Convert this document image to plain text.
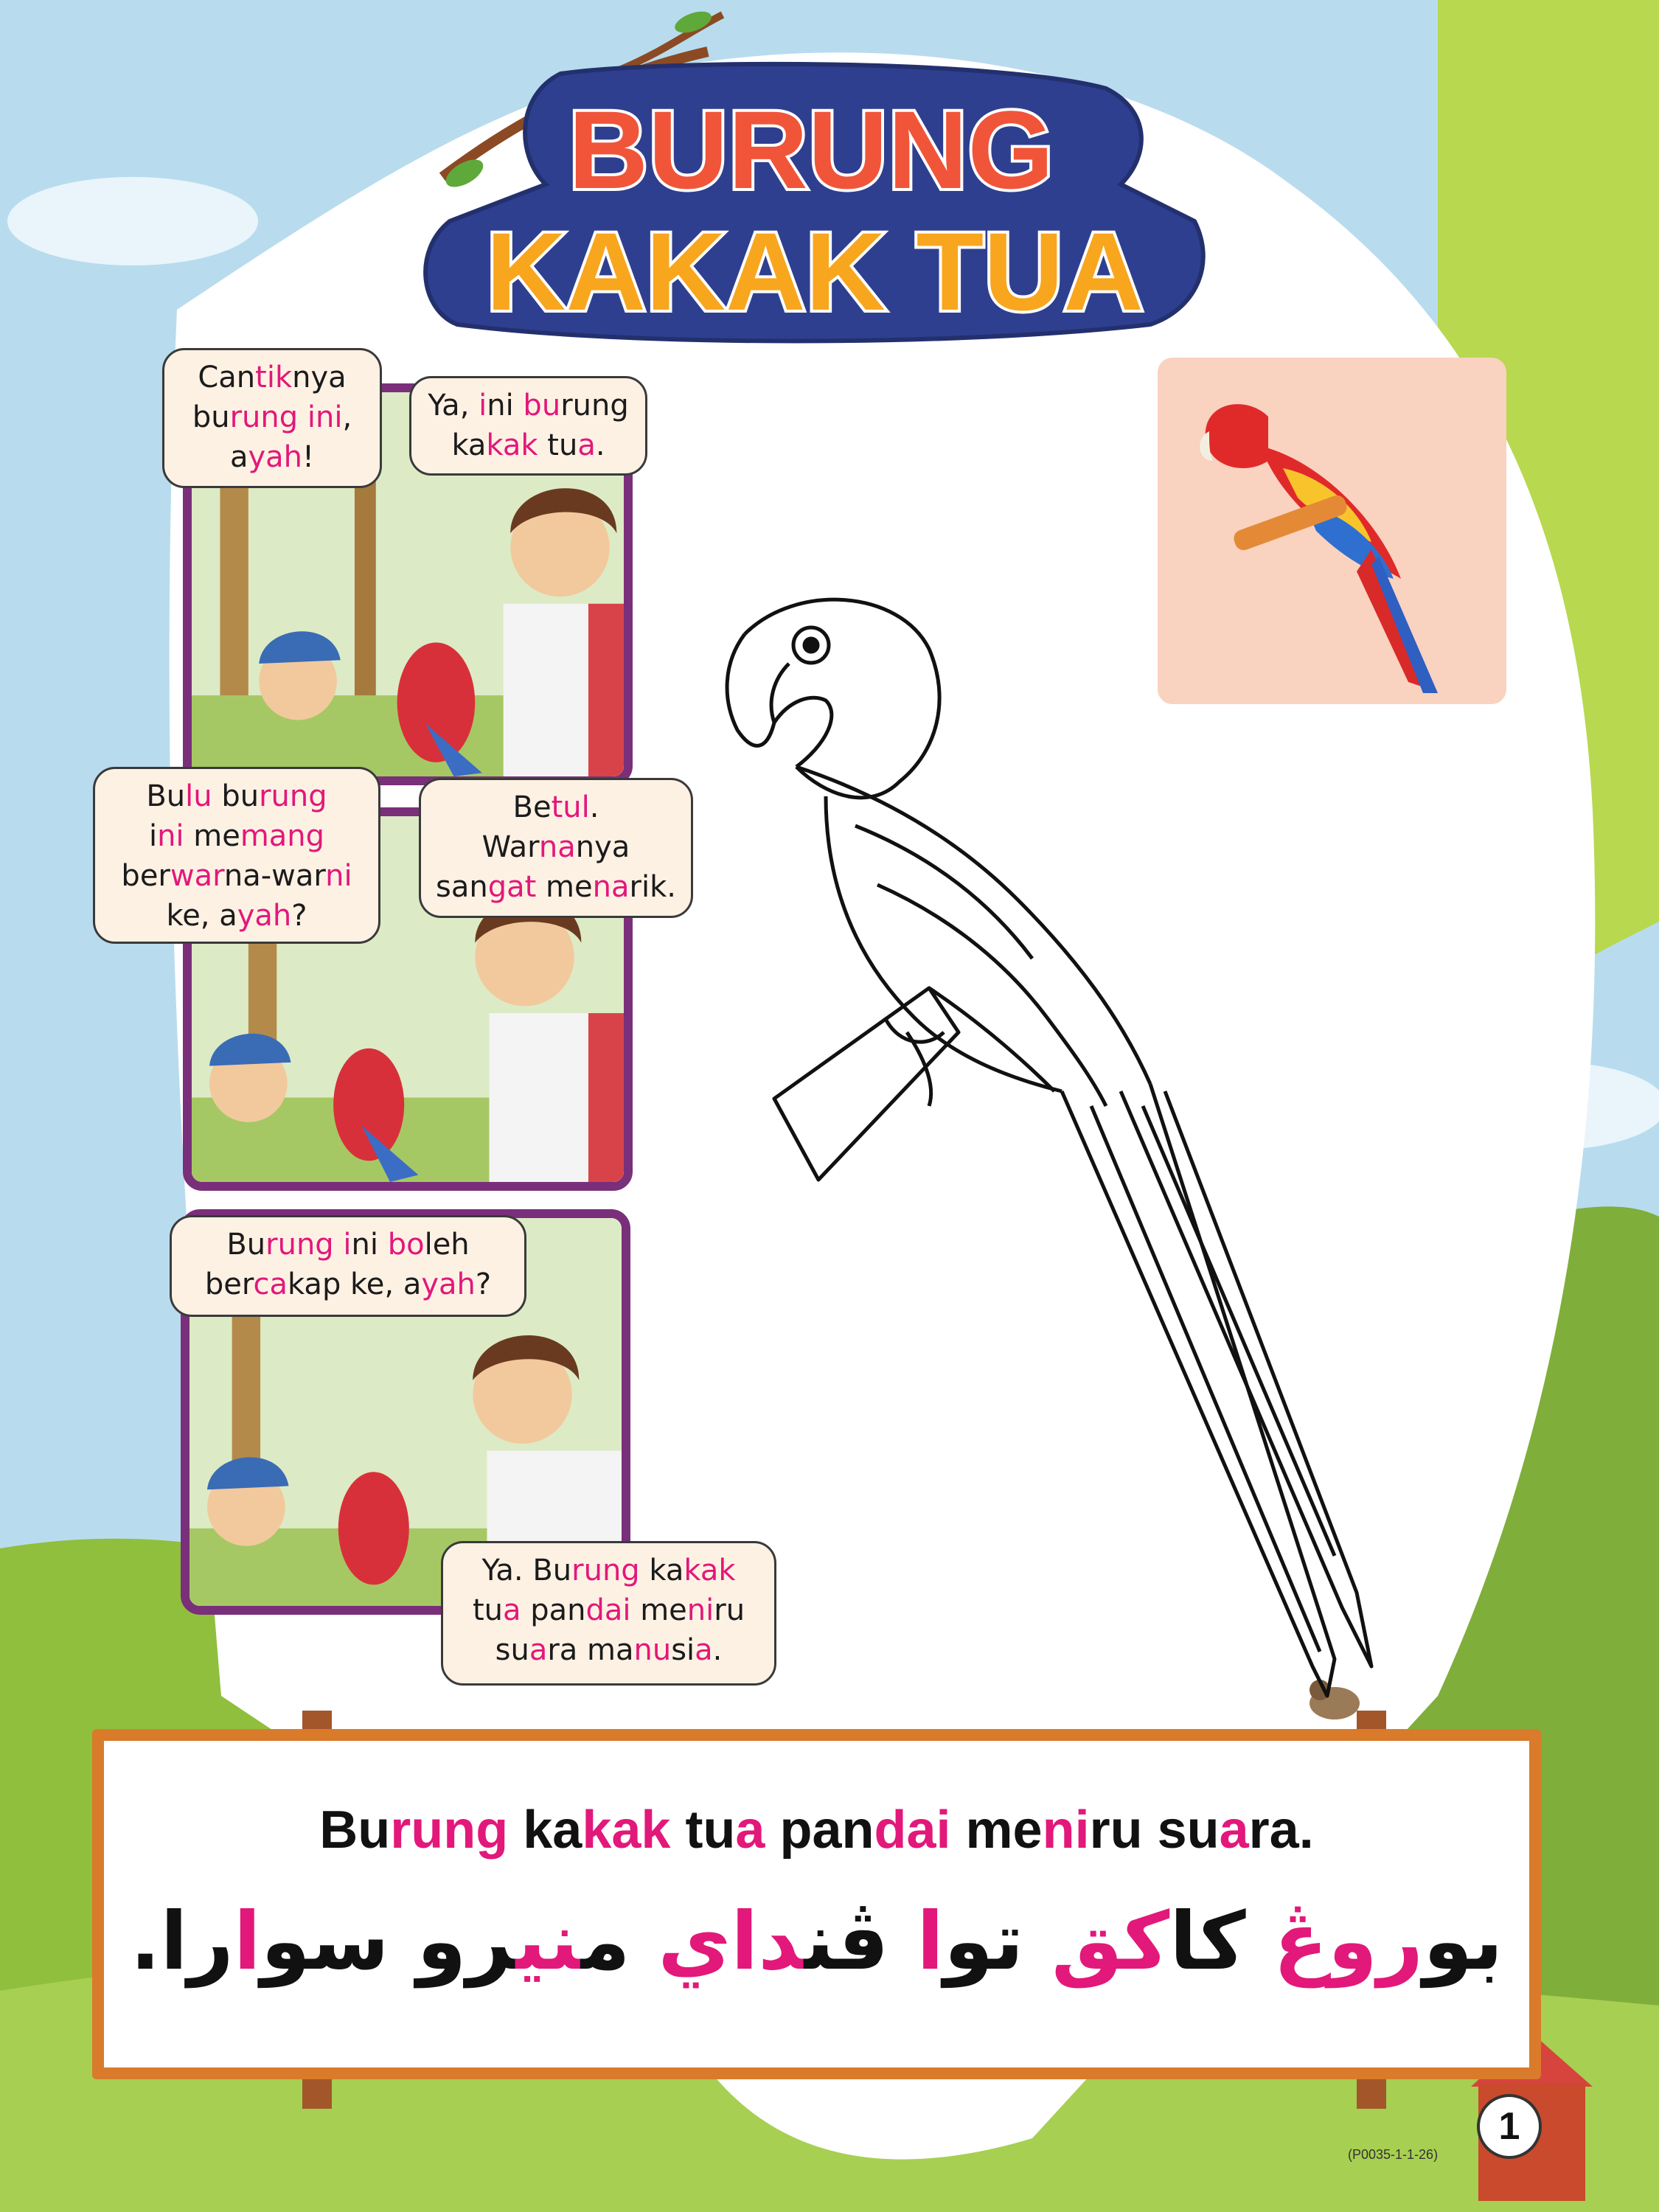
BURUNG
KAKAK TUA
Cantiknya
burung ini,
ayah!
Ya, ini burung
kakak tua.
Bulu burung
ini memang
berwarna-warni
ke, ayah?
Betul.
Warnanya
sangat menarik.
Burung ini boleh
bercakap ke, ayah?
Ya. Burung kakak
tua pandai meniru
suara manusia.
Burung kakak tua pandai meniru suara.
بوروڠ کاکق توا ڤنداي منيرو سوارا.
1
(P0035-1-1-26)
